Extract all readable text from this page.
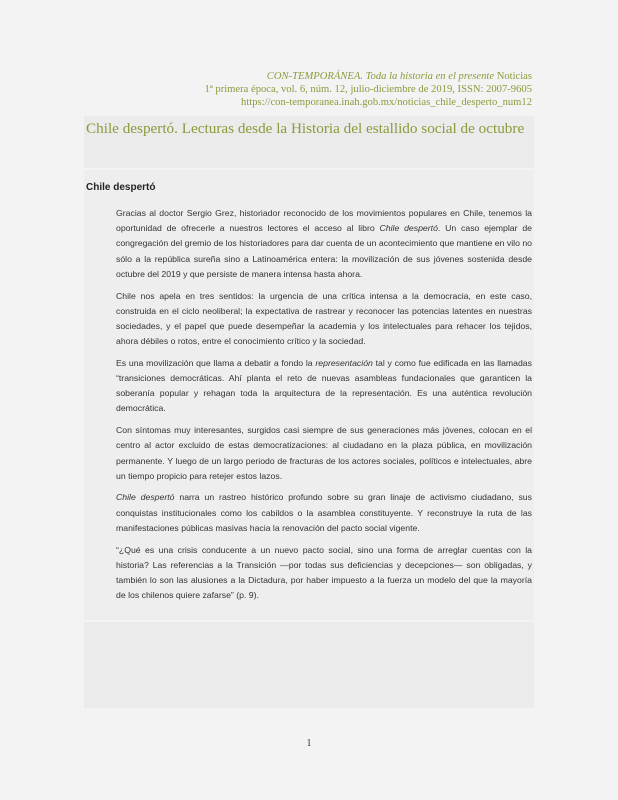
CON-TEMPORÁNEA. Toda la historia en el presente Noticias
1ª primera época, vol. 6, núm. 12, julio-diciembre de 2019, ISSN: 2007-9605
https://con-temporanea.inah.gob.mx/noticias_chile_desperto_num12
Chile despertó. Lecturas desde la Historia del estallido social de octubre
Chile despertó

Gracias al doctor Sergio Grez, historiador reconocido de los movimientos populares en Chile, tenemos la oportunidad de ofrecerle a nuestros lectores el acceso al libro Chile despertó. Un caso ejemplar de congregación del gremio de los historiadores para dar cuenta de un acontecimiento que mantiene en vilo no sólo a la república sureña sino a Latinoamérica entera: la movilización de sus jóvenes sostenida desde octubre del 2019 y que persiste de manera intensa hasta ahora.

Chile nos apela en tres sentidos: la urgencia de una crítica intensa a la democracia, en este caso, construida en el ciclo neoliberal; la expectativa de rastrear y reconocer las potencias latentes en nuestras sociedades, y el papel que puede desempeñar la academia y los intelectuales para rehacer los tejidos, ahora débiles o rotos, entre el conocimiento crítico y la sociedad.

Es una movilización que llama a debatir a fondo la representación tal y como fue edificada en las llamadas “transiciones democráticas. Ahí planta el reto de nuevas asambleas fundacionales que garanticen la soberanía popular y rehagan toda la arquitectura de la representación. Es una auténtica revolución democrática.

Con síntomas muy interesantes, surgidos casi siempre de sus generaciones más jóvenes, colocan en el centro al actor excluido de estas democratizaciones: al ciudadano en la plaza pública, en movilización permanente. Y luego de un largo periodo de fracturas de los actores sociales, políticos e intelectuales, abre un tiempo propicio para retejer estos lazos.

Chile despertó narra un rastreo histórico profundo sobre su gran linaje de activismo ciudadano, sus conquistas institucionales como los cabildos o la asamblea constituyente. Y reconstruye la ruta de las manifestaciones públicas masivas hacia la renovación del pacto social vigente.

“¿Qué es una crisis conducente a un nuevo pacto social, sino una forma de arreglar cuentas con la historia? Las referencias a la Transición —por todas sus deficiencias y decepciones— son obligadas, y también lo son las alusiones a la Dictadura, por haber impuesto a la fuerza un modelo del que la mayoría de los chilenos quiere zafarse” (p. 9).

1
